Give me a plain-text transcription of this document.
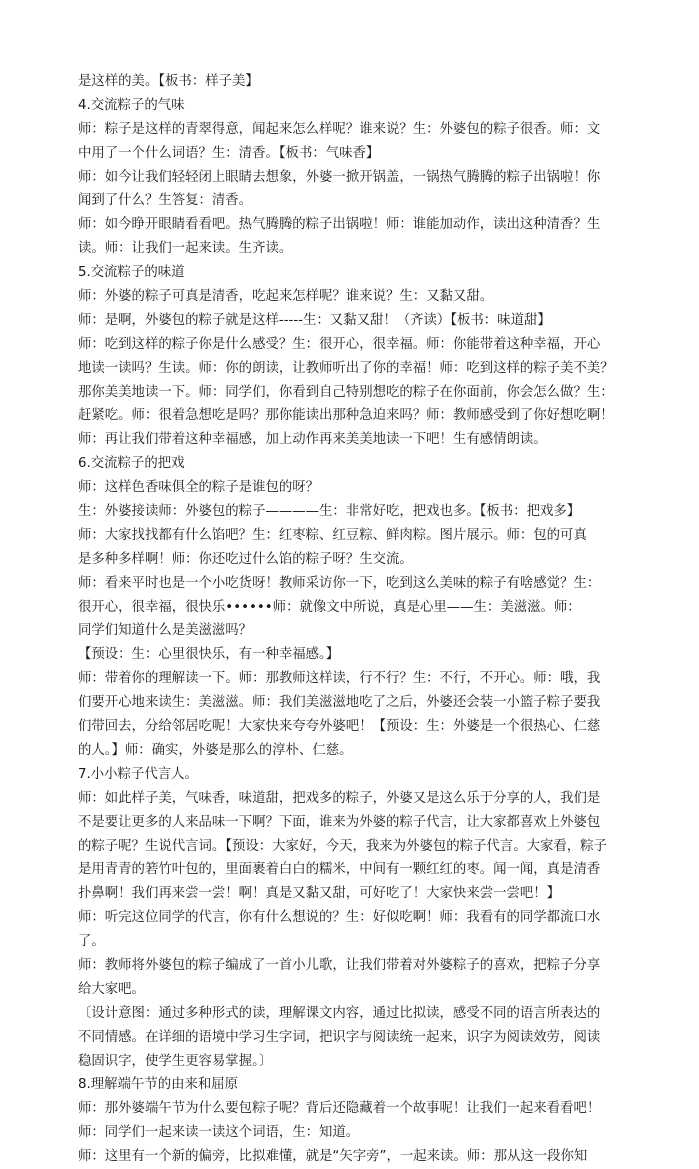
是这样的美。【板书：样子美】
4.交流粽子的气味
师：粽子是这样的青翠得意，闻起来怎么样呢？谁来说？生：外婆包的粽子很香。师：文
中用了一个什么词语？生：清香。【板书：气味香】
师：如今让我们轻轻闭上眼睛去想象，外婆一掀开锅盖，一锅热气腾腾的粽子出锅啦！你
闻到了什么？生答复：清香。
师：如今睁开眼睛看看吧。热气腾腾的粽子出锅啦！师：谁能加动作，读出这种清香？生
读。师：让我们一起来读。生齐读。
5.交流粽子的味道
师：外婆的粽子可真是清香，吃起来怎样呢？谁来说？生：又黏又甜。
师：是啊，外婆包的粽子就是这样-----生：又黏又甜！（齐读）【板书：味道甜】
师：吃到这样的粽子你是什么感受？生：很开心，很幸福。师：你能带着这种幸福，开心
地读一读吗？生读。师：你的朗读，让教师听出了你的幸福！师：吃到这样的粽子美不美？
那你美美地读一下。师：同学们，你看到自己特别想吃的粽子在你面前，你会怎么做？生：
赶紧吃。师：很着急想吃是吗？那你能读出那种急迫来吗？师：教师感受到了你好想吃啊！
师：再让我们带着这种幸福感，加上动作再来美美地读一下吧！生有感情朗读。
6.交流粽子的把戏
师：这样色香味俱全的粽子是谁包的呀？
生：外婆接读师：外婆包的粽子————生：非常好吃，把戏也多。【板书：把戏多】
师：大家找找都有什么馅吧？生：红枣粽、红豆粽、鲜肉粽。图片展示。师：包的可真
是多种多样啊！师：你还吃过什么馅的粽子呀？生交流。
师：看来平时也是一个小吃货呀！教师采访你一下，吃到这么美味的粽子有啥感觉？生：
很开心，很幸福，很快乐••••••师：就像文中所说，真是心里——生：美滋滋。师：
同学们知道什么是美滋滋吗？
【预设：生：心里很快乐，有一种幸福感。】
师：带着你的理解读一下。师：那教师这样读，行不行？生：不行，不开心。师：哦，我
们要开心地来读生：美滋滋。师：我们美滋滋地吃了之后，外婆还会装一小篮子粽子要我
们带回去，分给邻居吃呢！大家快来夸夸外婆吧！【预设：生：外婆是一个很热心、仁慈
的人。】师：确实，外婆是那么的淳朴、仁慈。
7.小小粽子代言人。
师：如此样子美，气味香，味道甜，把戏多的粽子，外婆又是这么乐于分享的人，我们是
不是要让更多的人来品味一下啊？下面，谁来为外婆的粽子代言，让大家都喜欢上外婆包
的粽子呢？生说代言词。【预设：大家好，今天，我来为外婆包的粽子代言。大家看，粽子
是用青青的箬竹叶包的，里面裹着白白的糯米，中间有一颗红红的枣。闻一闻，真是清香
扑鼻啊！我们再来尝一尝！啊！真是又黏又甜，可好吃了！大家快来尝一尝吧！】
师：听完这位同学的代言，你有什么想说的？生：好似吃啊！师：我看有的同学都流口水
了。
师：教师将外婆包的粽子编成了一首小儿歌，让我们带着对外婆粽子的喜欢，把粽子分享
给大家吧。
〔设计意图：通过多种形式的读，理解课文内容，通过比拟读，感受不同的语言所表达的
不同情感。在详细的语境中学习生字词，把识字与阅读统一起来，识字为阅读效劳，阅读
稳固识字，使学生更容易掌握。〕
8.理解端午节的由来和屈原
师：那外婆端午节为什么要包粽子呢？背后还隐藏着一个故事呢！让我们一起来看看吧！
师：同学们一起来读一读这个词语，生：知道。
师：这里有一个新的偏旁，比拟难懂，就是“矢字旁”，一起来读。师：那从这一段你知
